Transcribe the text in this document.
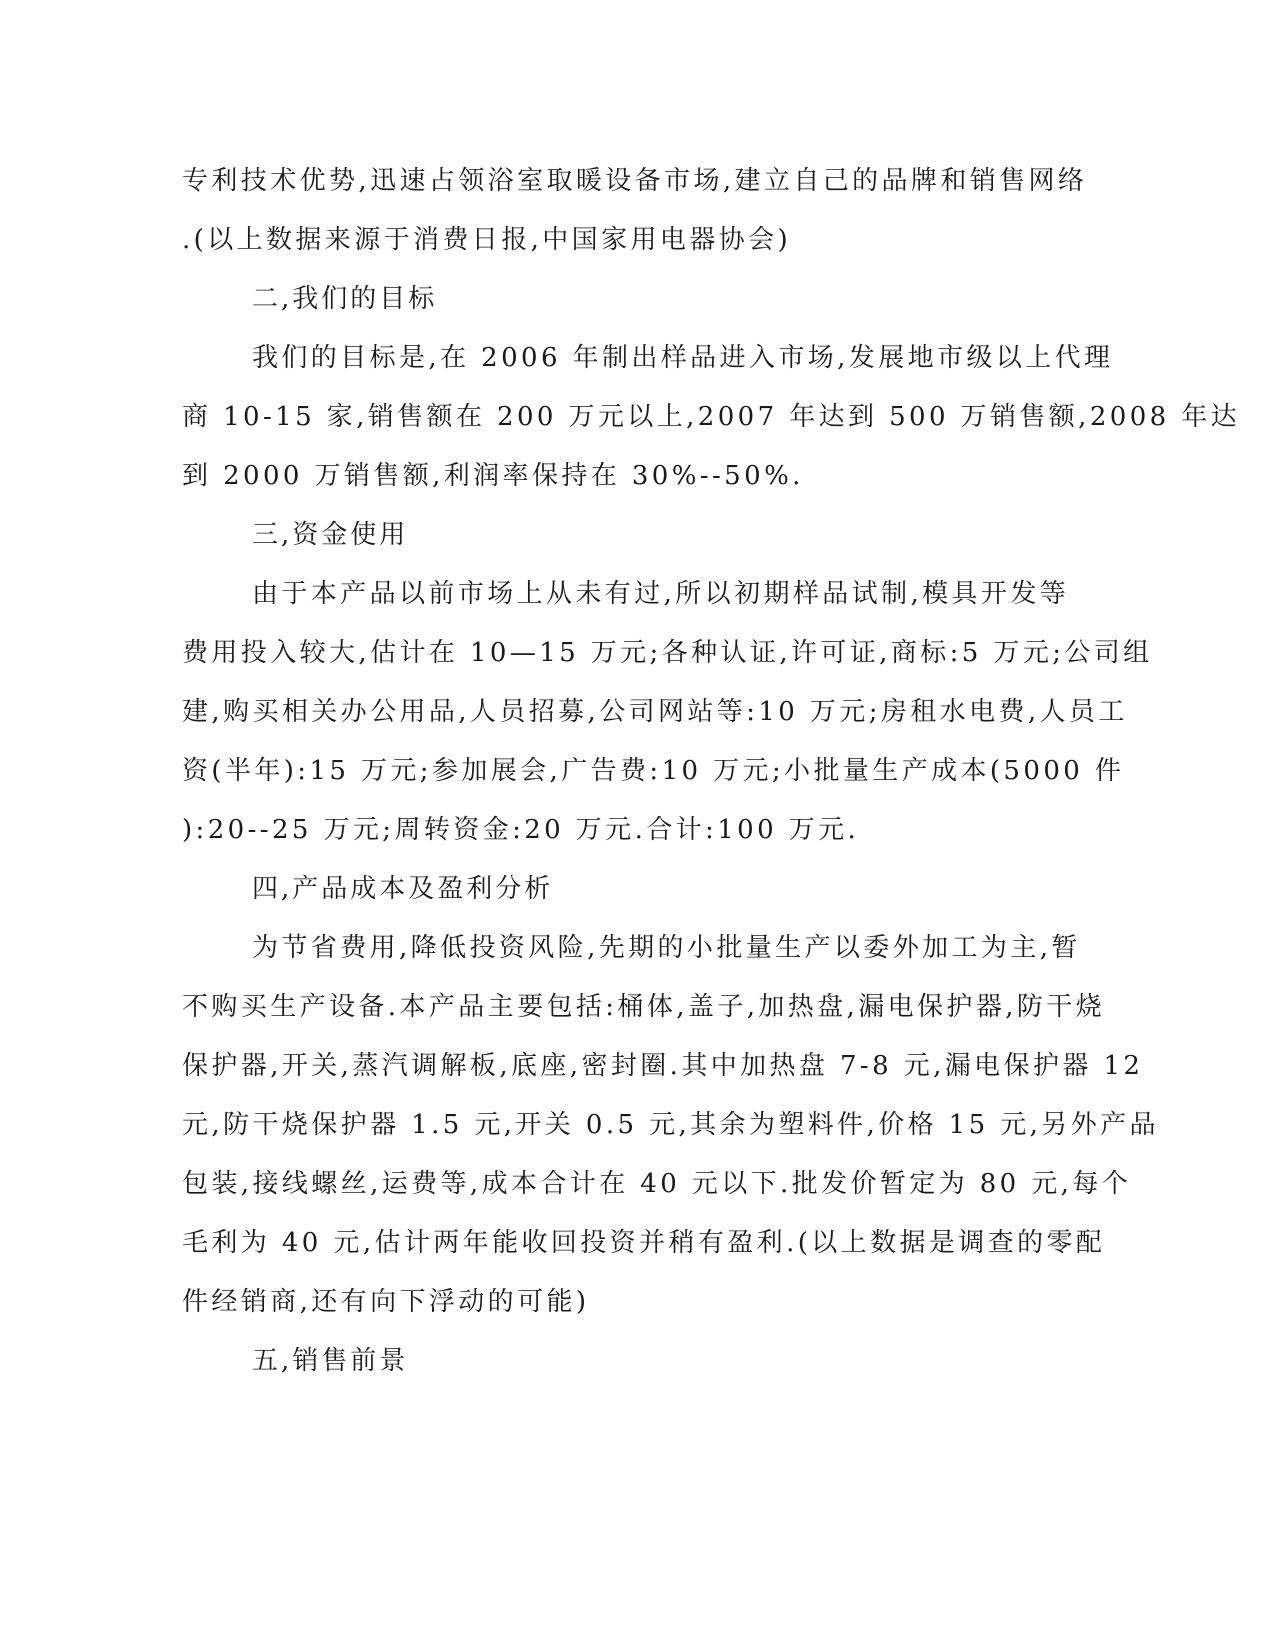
专利技术优势,迅速占领浴室取暖设备市场,建立自己的品牌和销售网络
.(以上数据来源于消费日报,中国家用电器协会)
二,我们的目标
我们的目标是,在 2006 年制出样品进入市场,发展地市级以上代理
商 10-15 家,销售额在 200 万元以上,2007 年达到 500 万销售额,2008 年达
到 2000 万销售额,利润率保持在 30%--50%.
三,资金使用
由于本产品以前市场上从未有过,所以初期样品试制,模具开发等
费用投入较大,估计在 10—15 万元;各种认证,许可证,商标:5 万元;公司组
建,购买相关办公用品,人员招募,公司网站等:10 万元;房租水电费,人员工
资(半年):15 万元;参加展会,广告费:10 万元;小批量生产成本(5000 件
):20--25 万元;周转资金:20 万元.合计:100 万元.
四,产品成本及盈利分析
为节省费用,降低投资风险,先期的小批量生产以委外加工为主,暂
不购买生产设备.本产品主要包括:桶体,盖子,加热盘,漏电保护器,防干烧
保护器,开关,蒸汽调解板,底座,密封圈.其中加热盘 7-8 元,漏电保护器 12
元,防干烧保护器 1.5 元,开关 0.5 元,其余为塑料件,价格 15 元,另外产品
包装,接线螺丝,运费等,成本合计在 40 元以下.批发价暂定为 80 元,每个
毛利为 40 元,估计两年能收回投资并稍有盈利.(以上数据是调查的零配
件经销商,还有向下浮动的可能)
五,销售前景
